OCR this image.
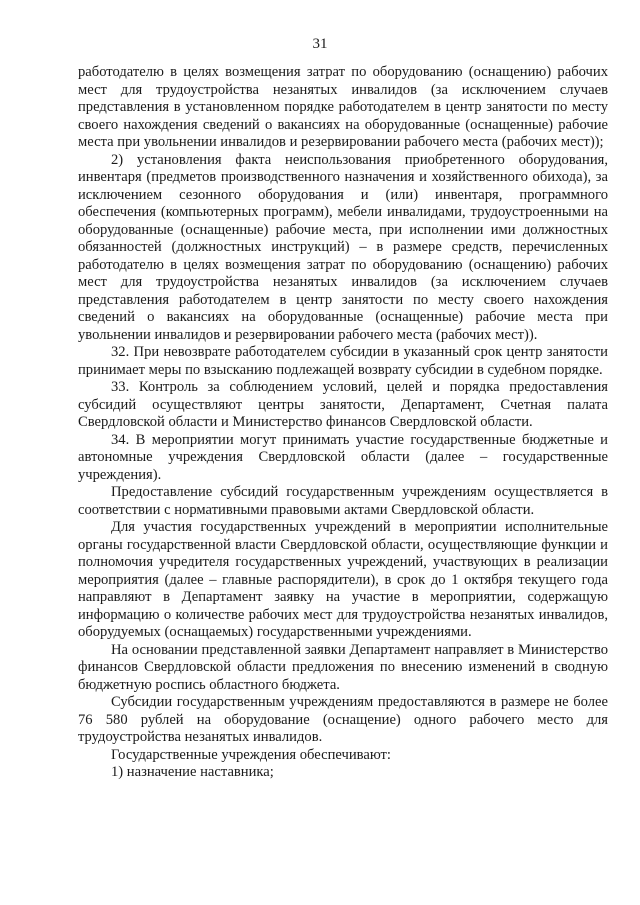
31

работодателю в целях возмещения затрат по оборудованию (оснащению) рабочих мест для трудоустройства незанятых инвалидов (за исключением случаев представления в установленном порядке работодателем в центр занятости по месту своего нахождения сведений о вакансиях на оборудованные (оснащенные) рабочие места при увольнении инвалидов и резервировании рабочего места (рабочих мест));

2) установления факта неиспользования приобретенного оборудования, инвентаря (предметов производственного назначения и хозяйственного обихода), за исключением сезонного оборудования и (или) инвентаря, программного обеспечения (компьютерных программ), мебели инвалидами, трудоустроенными на оборудованные (оснащенные) рабочие места, при исполнении ими должностных обязанностей (должностных инструкций) – в размере средств, перечисленных работодателю в целях возмещения затрат по оборудованию (оснащению) рабочих мест для трудоустройства незанятых инвалидов (за исключением случаев представления работодателем в центр занятости по месту своего нахождения сведений о вакансиях на оборудованные (оснащенные) рабочие места при увольнении инвалидов и резервировании рабочего места (рабочих мест)).

32. При невозврате работодателем субсидии в указанный срок центр занятости принимает меры по взысканию подлежащей возврату субсидии в судебном порядке.

33. Контроль за соблюдением условий, целей и порядка предоставления субсидий осуществляют центры занятости, Департамент, Счетная палата Свердловской области и Министерство финансов Свердловской области.

34. В мероприятии могут принимать участие государственные бюджетные и автономные учреждения Свердловской области (далее – государственные учреждения).

Предоставление субсидий государственным учреждениям осуществляется в соответствии с нормативными правовыми актами Свердловской области.

Для участия государственных учреждений в мероприятии исполнительные органы государственной власти Свердловской области, осуществляющие функции и полномочия учредителя государственных учреждений, участвующих в реализации мероприятия (далее – главные распорядители), в срок до 1 октября текущего года направляют в Департамент заявку на участие в мероприятии, содержащую информацию о количестве рабочих мест для трудоустройства незанятых инвалидов, оборудуемых (оснащаемых) государственными учреждениями.

На основании представленной заявки Департамент направляет в Министерство финансов Свердловской области предложения по внесению изменений в сводную бюджетную роспись областного бюджета.

Субсидии государственным учреждениям предоставляются в размере не более 76 580 рублей на оборудование (оснащение) одного рабочего место для трудоустройства незанятых инвалидов.

Государственные учреждения обеспечивают:

1) назначение наставника;
